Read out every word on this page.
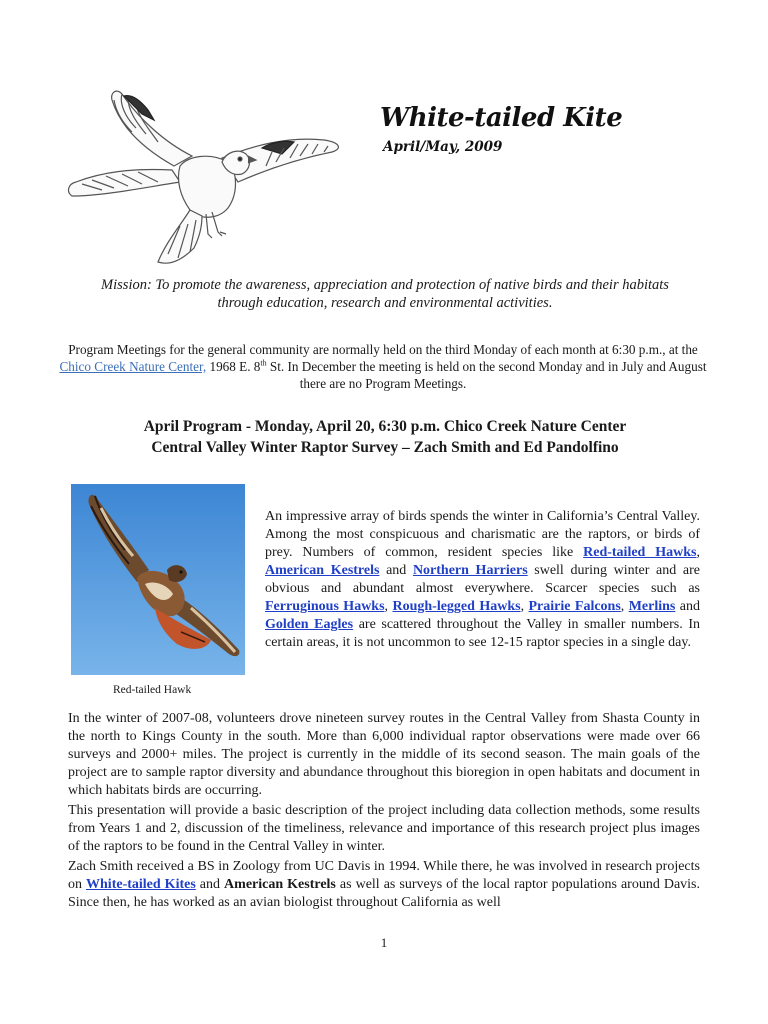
White-tailed Kite
April/May, 2009
Mission: To promote the awareness, appreciation and protection of native birds and their habitats through education, research and environmental activities.
Program Meetings for the general community are normally held on the third Monday of each month at 6:30 p.m., at the Chico Creek Nature Center, 1968 E. 8th St. In December the meeting is held on the second Monday and in July and August there are no Program Meetings.
April Program - Monday, April 20, 6:30 p.m. Chico Creek Nature Center
Central Valley Winter Raptor Survey – Zach Smith and Ed Pandolfino
Red-tailed Hawk

An impressive array of birds spends the winter in California’s Central Valley. Among the most conspicuous and charismatic are the raptors, or birds of prey. Numbers of common, resident species like Red-tailed Hawks, American Kestrels and Northern Harriers swell during winter and are obvious and abundant almost everywhere. Scarcer species such as Ferruginous Hawks, Rough-legged Hawks, Prairie Falcons, Merlins and Golden Eagles are scattered throughout the Valley in smaller numbers. In certain areas, it is not uncommon to see 12-15 raptor species in a single day.

In the winter of 2007-08, volunteers drove nineteen survey routes in the Central Valley from Shasta County in the north to Kings County in the south. More than 6,000 individual raptor observations were made over 66 surveys and 2000+ miles. The project is currently in the middle of its second season. The main goals of the project are to sample raptor diversity and abundance throughout this bioregion in open habitats and document in which habitats birds are occurring.

This presentation will provide a basic description of the project including data collection methods, some results from Years 1 and 2, discussion of the timeliness, relevance and importance of this research project plus images of the raptors to be found in the Central Valley in winter.

Zach Smith received a BS in Zoology from UC Davis in 1994. While there, he was involved in research projects on White-tailed Kites and American Kestrels as well as surveys of the local raptor populations around Davis. Since then, he has worked as an avian biologist throughout California as well

1
